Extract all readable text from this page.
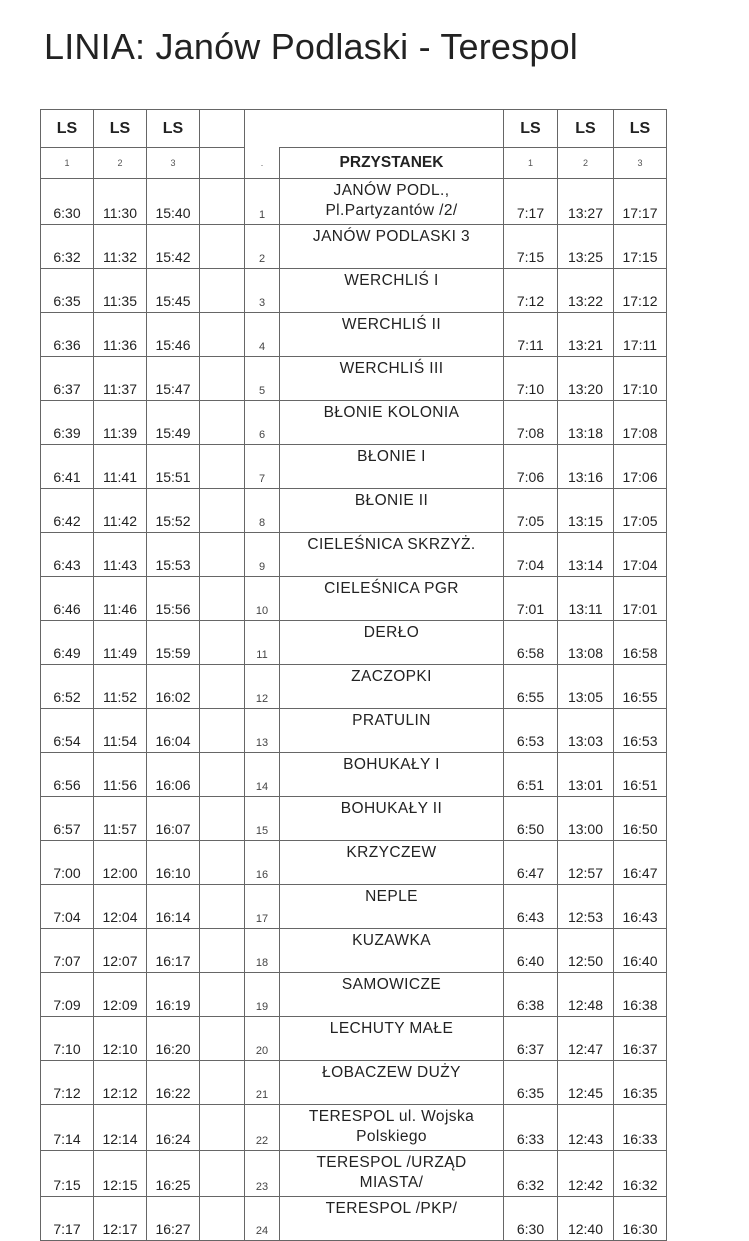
LINIA: Janów Podlaski - Terespol
LS	LS	LS				LS	LS	LS
1	2	3		.	PRZYSTANEK	1	2	3
6:30	11:30	15:40		1	JANÓW PODL., Pl.Partyzantów /2/	7:17	13:27	17:17
6:32	11:32	15:42		2	JANÓW PODLASKI 3	7:15	13:25	17:15
6:35	11:35	15:45		3	WERCHLIŚ I	7:12	13:22	17:12
6:36	11:36	15:46		4	WERCHLIŚ II	7:11	13:21	17:11
6:37	11:37	15:47		5	WERCHLIŚ III	7:10	13:20	17:10
6:39	11:39	15:49		6	BŁONIE KOLONIA	7:08	13:18	17:08
6:41	11:41	15:51		7	BŁONIE I	7:06	13:16	17:06
6:42	11:42	15:52		8	BŁONIE II	7:05	13:15	17:05
6:43	11:43	15:53		9	CIELEŚNICA SKRZYŻ.	7:04	13:14	17:04
6:46	11:46	15:56		10	CIELEŚNICA PGR	7:01	13:11	17:01
6:49	11:49	15:59		11	DERŁO	6:58	13:08	16:58
6:52	11:52	16:02		12	ZACZOPKI	6:55	13:05	16:55
6:54	11:54	16:04		13	PRATULIN	6:53	13:03	16:53
6:56	11:56	16:06		14	BOHUKAŁY I	6:51	13:01	16:51
6:57	11:57	16:07		15	BOHUKAŁY II	6:50	13:00	16:50
7:00	12:00	16:10		16	KRZYCZEW	6:47	12:57	16:47
7:04	12:04	16:14		17	NEPLE	6:43	12:53	16:43
7:07	12:07	16:17		18	KUZAWKA	6:40	12:50	16:40
7:09	12:09	16:19		19	SAMOWICZE	6:38	12:48	16:38
7:10	12:10	16:20		20	LECHUTY MAŁE	6:37	12:47	16:37
7:12	12:12	16:22		21	ŁOBACZEW DUŻY	6:35	12:45	16:35
7:14	12:14	16:24		22	TERESPOL ul. Wojska Polskiego	6:33	12:43	16:33
7:15	12:15	16:25		23	TERESPOL /URZĄD MIASTA/	6:32	12:42	16:32
7:17	12:17	16:27		24	TERESPOL /PKP/	6:30	12:40	16:30
